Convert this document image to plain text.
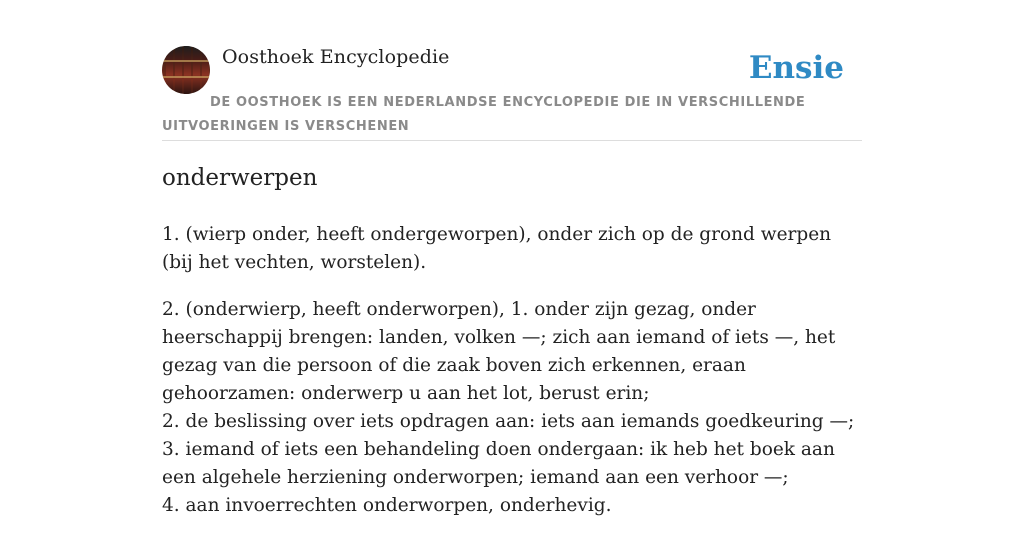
Oosthoek Encyclopedie	Ensie
DE OOSTHOEK IS EEN NEDERLANDSE ENCYCLOPEDIE DIE IN VERSCHILLENDE UITVOERINGEN IS VERSCHENEN
onderwerpen

1. (wierp onder, heeft ondergeworpen), onder zich op de grond werpen (bij het vechten, worstelen).

2. (onderwierp, heeft onderworpen), 1. onder zijn gezag, onder heerschappij brengen: landen, volken —; zich aan iemand of iets —, het gezag van die persoon of die zaak boven zich erkennen, eraan gehoorzamen: onderwerp u aan het lot, berust erin;
2. de beslissing over iets opdragen aan: iets aan iemands goedkeuring —;
3. iemand of iets een behandeling doen ondergaan: ik heb het boek aan een algehele herziening onderworpen; iemand aan een verhoor —;
4. aan invoerrechten onderworpen, onderhevig.
